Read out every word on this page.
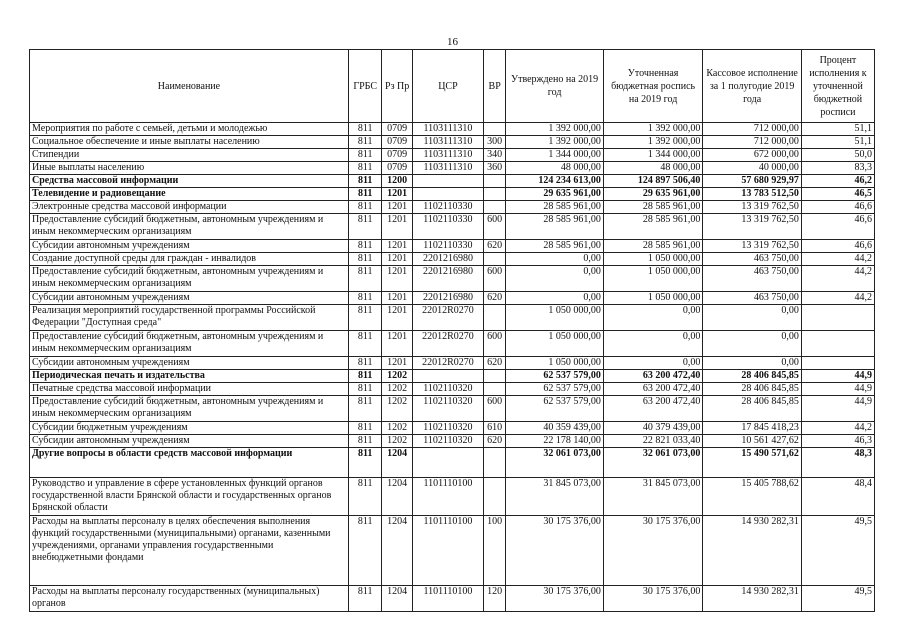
16
Наименование	ГРБС	Рз Пр	ЦСР	ВР	Утверждено на 2019 год	Уточненная бюджетная роспись на 2019 год	Кассовое исполнение за 1 полугодие 2019 года	Процент исполнения к уточненной бюджетной росписи
Мероприятия по работе с семьей, детьми и молодежью	811	0709	1103111310		1 392 000,00	1 392 000,00	712 000,00	51,1
Социальное обеспечение и иные выплаты населению	811	0709	1103111310	300	1 392 000,00	1 392 000,00	712 000,00	51,1
Стипендии	811	0709	1103111310	340	1 344 000,00	1 344 000,00	672 000,00	50,0
Иные выплаты населению	811	0709	1103111310	360	48 000,00	48 000,00	40 000,00	83,3
Средства массовой информации	811	1200			124 234 613,00	124 897 506,40	57 680 929,97	46,2
Телевидение и радиовещание	811	1201			29 635 961,00	29 635 961,00	13 783 512,50	46,5
Электронные средства массовой информации	811	1201	1102110330		28 585 961,00	28 585 961,00	13 319 762,50	46,6
Предоставление субсидий бюджетным, автономным учреждениям и иным некоммерческим организациям	811	1201	1102110330	600	28 585 961,00	28 585 961,00	13 319 762,50	46,6
Субсидии автономным учреждениям	811	1201	1102110330	620	28 585 961,00	28 585 961,00	13 319 762,50	46,6
Создание доступной среды для граждан - инвалидов	811	1201	2201216980		0,00	1 050 000,00	463 750,00	44,2
Предоставление субсидий бюджетным, автономным учреждениям и иным некоммерческим организациям	811	1201	2201216980	600	0,00	1 050 000,00	463 750,00	44,2
Субсидии автономным учреждениям	811	1201	2201216980	620	0,00	1 050 000,00	463 750,00	44,2
Реализация мероприятий государственной программы Российской Федерации "Доступная среда"	811	1201	22012R0270		1 050 000,00	0,00	0,00	
Предоставление субсидий бюджетным, автономным учреждениям и иным некоммерческим организациям	811	1201	22012R0270	600	1 050 000,00	0,00	0,00	
Субсидии автономным учреждениям	811	1201	22012R0270	620	1 050 000,00	0,00	0,00	
Периодическая печать и издательства	811	1202			62 537 579,00	63 200 472,40	28 406 845,85	44,9
Печатные средства массовой информации	811	1202	1102110320		62 537 579,00	63 200 472,40	28 406 845,85	44,9
Предоставление субсидий бюджетным, автономным учреждениям и иным некоммерческим организациям	811	1202	1102110320	600	62 537 579,00	63 200 472,40	28 406 845,85	44,9
Субсидии бюджетным учреждениям	811	1202	1102110320	610	40 359 439,00	40 379 439,00	17 845 418,23	44,2
Субсидии автономным учреждениям	811	1202	1102110320	620	22 178 140,00	22 821 033,40	10 561 427,62	46,3
Другие вопросы в области средств массовой информации	811	1204			32 061 073,00	32 061 073,00	15 490 571,62	48,3
Руководство и управление в сфере установленных функций органов государственной власти Брянской области и государственных органов Брянской области	811	1204	1101110100		31 845 073,00	31 845 073,00	15 405 788,62	48,4
Расходы на выплаты персоналу в целях обеспечения выполнения функций государственными (муниципальными) органами, казенными учреждениями, органами управления государственными внебюджетными фондами	811	1204	1101110100	100	30 175 376,00	30 175 376,00	14 930 282,31	49,5
Расходы на выплаты персоналу государственных (муниципальных) органов	811	1204	1101110100	120	30 175 376,00	30 175 376,00	14 930 282,31	49,5
